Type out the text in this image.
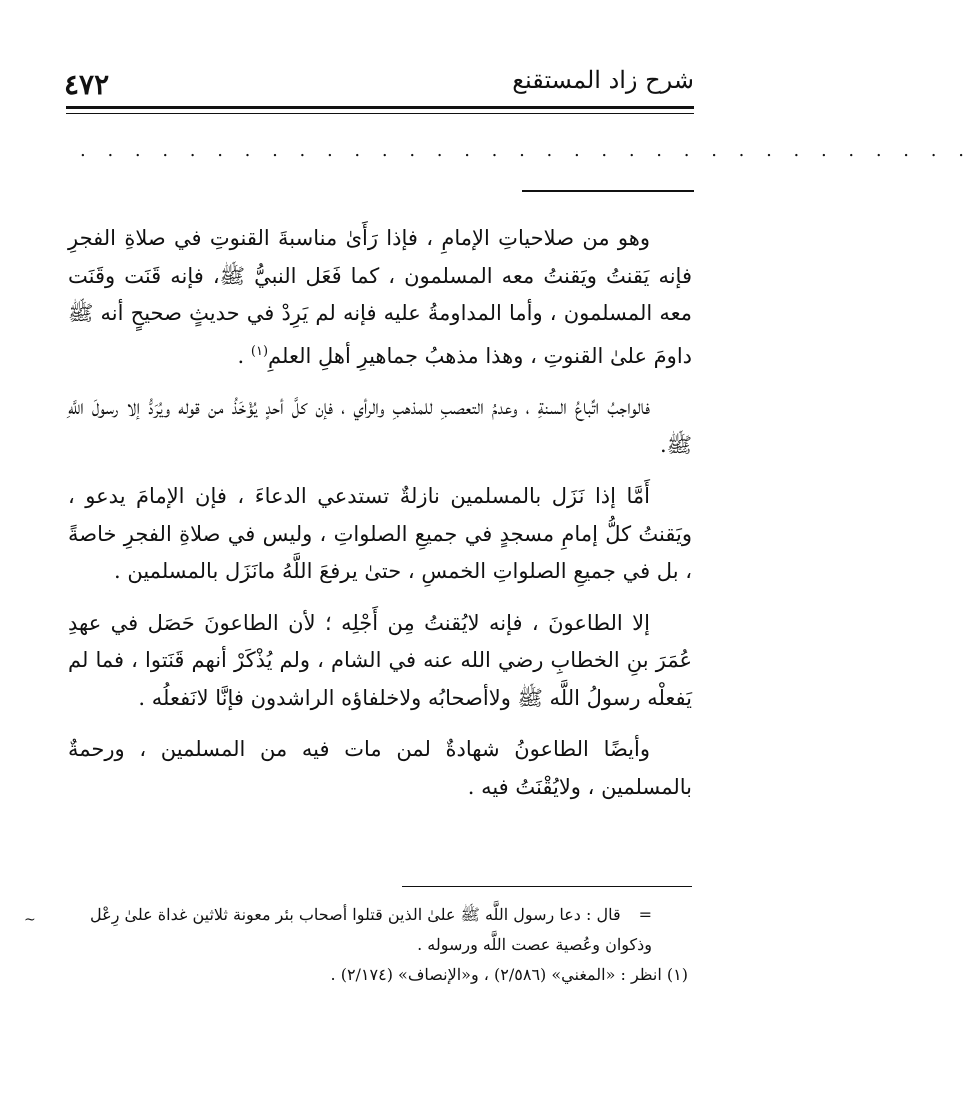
٤٧٢	شرح زاد المستقنع
. . . . . . . . . . . . . . . . . . . . . . . . . . . . . . . . .

وهو من صلاحياتِ الإمامِ ، فإذا رَأَىٰ مناسبةَ القنوتِ في صلاةِ الفجرِ فإنه يَقنتُ ويَقنتُ معه المسلمون ، كما فَعَل النبيُّ ﷺ، فإنه قَنَت وقَنَت معه المسلمون ، وأما المداومةُ عليه فإنه لم يَرِدْ في حديثٍ صحيحٍ أنه ﷺ داومَ علىٰ القنوتِ ، وهذا مذهبُ جماهيرِ أهلِ العلمِ$^{(١)}$ .

فالواجبُ اتِّباعُ السنةِ ، وعدمُ التعصبِ للمذهبِ والرأي ، فإن كلَّ أحدٍ يُؤْخَذُ من قوله ويُرَدُّ إلا رسولَ اللَّهِ ﷺ.

أَمَّا إذا نَزَل بالمسلمين نازلةٌ تستدعي الدعاءَ ، فإن الإمامَ يدعو ، ويَقنتُ كلُّ إمامِ مسجدٍ في جميعِ الصلواتِ ، وليس في صلاةِ الفجرِ خاصةً ، بل في جميعِ الصلواتِ الخمسِ ، حتىٰ يرفعَ اللَّهُ مانَزَل بالمسلمين .

إلا الطاعونَ ، فإنه لايُقنتُ مِن أَجْلِه ؛ لأن الطاعونَ حَصَل في عهدِ عُمَرَ بنِ الخطابِ رضي الله عنه في الشام ، ولم يُذْكَرْ أنهم قَنَتوا ، فما لم يَفعلْه رسولُ اللَّه ﷺ ولاأصحابُه ولاخلفاؤه الراشدون فإنَّا لانَفعلُه .

وأيضًا الطاعونُ شهادةٌ لمن مات فيه من المسلمين ، ورحمةٌ بالمسلمين ، ولايُقْنَتُ فيه .

=قال : دعا رسول اللَّه ﷺ علىٰ الذين قتلوا أصحاب بئر معونة ثلاثين غداة علىٰ رِعْل وذكوان وعُصية عصت اللَّه ورسوله .

(١) انظر : «المغني» (٢/٥٨٦) ، و«الإنصاف» (٢/١٧٤) .

~
